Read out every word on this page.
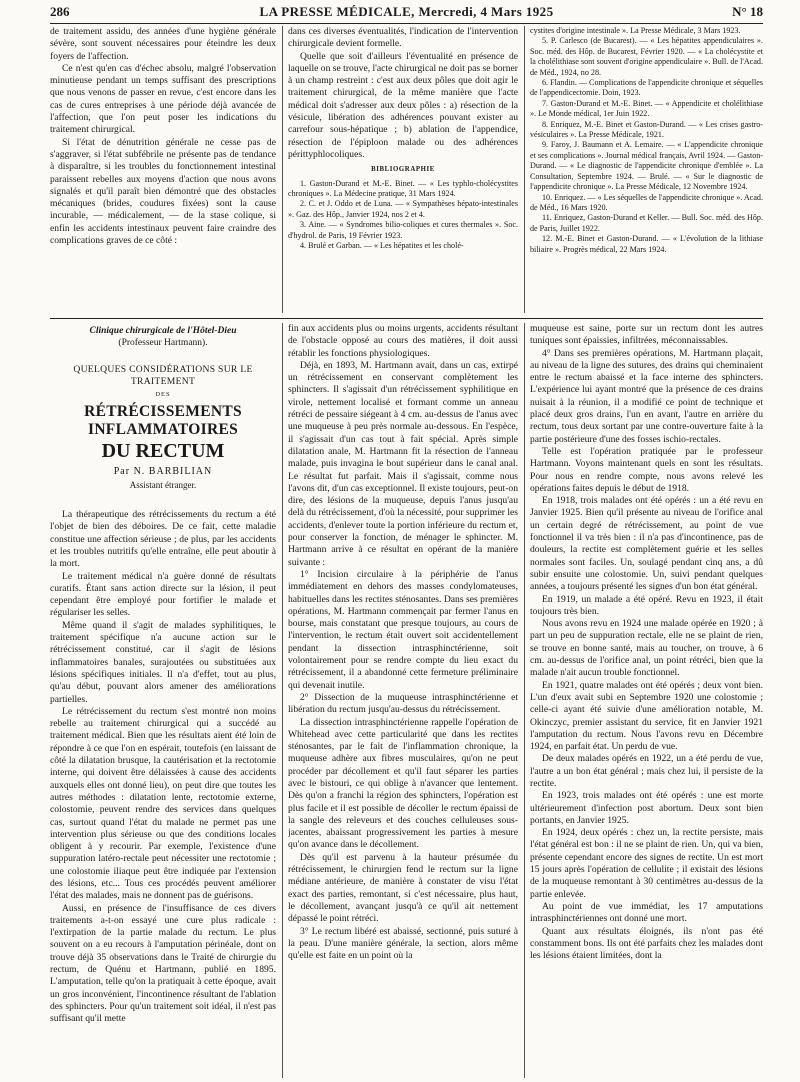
286	LA PRESSE MÉDICALE, Mercredi, 4 Mars 1925	N° 18

de traitement assidu, des années d'une hygiène générale sévère, sont souvent nécessaires pour éteindre les deux foyers de l'affection.

Ce n'est qu'en cas d'échec absolu, malgré l'observation minutieuse pendant un temps suffisant des prescriptions que nous venons de passer en revue, c'est encore dans les cas de cures entreprises à une période déjà avancée de l'affection, que l'on peut poser les indications du traitement chirurgical.

Si l'état de dénutrition générale ne cesse pas de s'aggraver, si l'état subfébrile ne présente pas de tendance à disparaître, si les troubles du fonctionnement intestinal paraissent rebelles aux moyens d'action que nous avons signalés et qu'il paraît bien démontré que des obstacles mécaniques (brides, coudures fixées) sont la cause incurable, — médicalement, — de la stase colique, si enfin les accidents intestinaux peuvent faire craindre des complications graves de ce côté :

dans ces diverses éventualités, l'indication de l'intervention chirurgicale devient formelle.

Quelle que soit d'ailleurs l'éventualité en présence de laquelle on se trouve, l'acte chirurgical ne doit pas se borner à un champ restreint : c'est aux deux pôles que doit agir le traitement chirurgical, de la même manière que l'acte médical doit s'adresser aux deux pôles : a) résection de la vésicule, libération des adhérences pouvant exister au carrefour sous-hépatique ; b) ablation de l'appendice, résection de l'épiploon malade ou des adhérences périttyphlocoliques.

BIBLIOGRAPHIE

1. Gaston-Durand et M.-E. Binet. — « Les typhlo-cholécystites chroniques ». La Médecine pratique, 31 Mars 1924.

2. C. et J. Oddo et de Luna. — « Sympathèses hépato-intestinales ». Gaz. des Hôp., Janvier 1924, nos 2 et 4.

3. Aine. — « Syndromes bilio-coliques et cures thermales ». Soc. d'hydrol. de Paris, 19 Février 1923.

4. Brulé et Garban. — « Les hépatites et les cholé-

cystites d'origine intestinale ». La Presse Médicale, 3 Mars 1923.

5. P. Carlesco (de Bucarest). — « Les hépatites appendiculaires ». Soc. méd. des Hôp. de Bucarest, Février 1920. — « La cholécystite et la cholélithiase sont souvent d'origine appendiculaire ». Bull. de l'Acad. de Méd., 1924, no 28.

6. Flandin. — Complications de l'appendicite chronique et séquelles de l'appendicectomie. Doin, 1923.

7. Gaston-Durand et M.-E. Binet. — « Appendicite et cholélithiase ». Le Monde médical, 1er Juin 1922.

8. Enriquez, M.-E. Binet et Gaston-Durand. — « Les crises gastro-vésiculaires ». La Presse Médicale, 1921.

9. Faroy, J. Baumann et A. Lemaire. — « L'appendicite chronique et ses complications ». Journal médical français, Avril 1924. — Gaston-Durand. — « Le diagnostic de l'appendicite chronique d'emblée ». La Consultation, Septembre 1924. — Brulé. — « Sur le diagnostic de l'appendicite chronique ». La Presse Médicale, 12 Novembre 1924.

10. Enriquez. — « Les séquelles de l'appendicite chronique ». Acad. de Méd., 16 Mars 1920.

11. Enriquez, Gaston-Durand et Keller. — Bull. Soc. méd. des Hôp. de Paris, Juillet 1922.

12. M.-E. Binet et Gaston-Durand. — « L'évolution de la lithiase biliaire ». Progrès médical, 22 Mars 1924.

Clinique chirurgicale de l'Hôtel-Dieu
(Professeur Hartmann).
QUELQUES CONSIDÉRATIONS SUR LE TRAITEMENT
DES
RÉTRÉCISSEMENTS INFLAMMATOIRES
DU RECTUM
Par N. BARBILIAN
Assistant étranger.

La thérapeutique des rétrécissements du rectum a été l'objet de bien des déboires. De ce fait, cette maladie constitue une affection sérieuse ; de plus, par les accidents et les troubles nutritifs qu'elle entraîne, elle peut aboutir à la mort.

Le traitement médical n'a guère donné de résultats curatifs. Étant sans action directe sur la lésion, il peut cependant être employé pour fortifier le malade et régulariser les selles.

Même quand il s'agit de malades syphilitiques, le traitement spécifique n'a aucune action sur le rétrécissement constitué, car il s'agit de lésions inflammatoires banales, surajoutées ou substituées aux lésions spécifiques initiales. Il n'a d'effet, tout au plus, qu'au début, pouvant alors amener des améliorations partielles.

Le rétrécissement du rectum s'est montré non moins rebelle au traitement chirurgical qui a succédé au traitement médical. Bien que les résultats aient été loin de répondre à ce que l'on en espérait, toutefois (en laissant de côté la dilatation brusque, la cautérisation et la rectotomie interne, qui doivent être délaissées à cause des accidents auxquels elles ont donné lieu), on peut dire que toutes les autres méthodes : dilatation lente, rectotomie externe, colostomie, peuvent rendre des services dans quelques cas, surtout quand l'état du malade ne permet pas une intervention plus sérieuse ou que des conditions locales obligent à y recourir. Par exemple, l'existence d'une suppuration latéro-rectale peut nécessiter une rectotomie ; une colostomie iliaque peut être indiquée par l'extension des lésions, etc... Tous ces procédés peuvent améliorer l'état des malades, mais ne donnent pas de guérisons.

Aussi, en présence de l'insuffisance de ces divers traitements a-t-on essayé une cure plus radicale : l'extirpation de la partie malade du rectum. Le plus souvent on a eu recours à l'amputation périnéale, dont on trouve déjà 35 observations dans le Traité de chirurgie du rectum, de Quénu et Hartmann, publié en 1895. L'amputation, telle qu'on la pratiquait à cette époque, avait un gros inconvénient, l'incontinence résultant de l'ablation des sphincters. Pour qu'un traitement soit idéal, il n'est pas suffisant qu'il mette

fin aux accidents plus ou moins urgents, accidents résultant de l'obstacle opposé au cours des matières, il doit aussi rétablir les fonctions physiologiques.

Déjà, en 1893, M. Hartmann avait, dans un cas, extirpé un rétrécissement en conservant complètement les sphincters. Il s'agissait d'un rétrécissement syphilitique en virole, nettement localisé et formant comme un anneau rétréci de pessaire siégeant à 4 cm. au-dessus de l'anus avec une muqueuse à peu près normale au-dessous. En l'espèce, il s'agissait d'un cas tout à fait spécial. Après simple dilatation anale, M. Hartmann fit la résection de l'anneau malade, puis invagina le bout supérieur dans le canal anal. Le résultat fut parfait. Mais il s'agissait, comme nous l'avons dit, d'un cas exceptionnel. Il existe toujours, peut-on dire, des lésions de la muqueuse, depuis l'anus jusqu'au delà du rétrécissement, d'où la nécessité, pour supprimer les accidents, d'enlever toute la portion inférieure du rectum et, pour conserver la fonction, de ménager le sphincter. M. Hartmann arrive à ce résultat en opérant de la manière suivante :

1° Incision circulaire à la périphérie de l'anus immédiatement en dehors des masses condylomateuses, habituelles dans les rectites sténosantes. Dans ses premières opérations, M. Hartmann commençait par fermer l'anus en bourse, mais constatant que presque toujours, au cours de l'intervention, le rectum était ouvert soit accidentellement pendant la dissection intrasphinctérienne, soit volontairement pour se rendre compte du lieu exact du rétrécissement, il a abandonné cette fermeture préliminaire qui devenait inutile.

2° Dissection de la muqueuse intrasphinctérienne et libération du rectum jusqu'au-dessus du rétrécissement.

La dissection intrasphinctérienne rappelle l'opération de Whitehead avec cette particularité que dans les rectites sténosantes, par le fait de l'inflammation chronique, la muqueuse adhère aux fibres musculaires, qu'on ne peut procéder par décollement et qu'il faut séparer les parties avec le bistouri, ce qui oblige à n'avancer que lentement. Dès qu'on a franchi la région des sphincters, l'opération est plus facile et il est possible de décoller le rectum épaissi de la sangle des releveurs et des couches celluleuses sous-jacentes, abaissant progressivement les parties à mesure qu'on avance dans le décollement.

Dès qu'il est parvenu à la hauteur présumée du rétrécissement, le chirurgien fend le rectum sur la ligne médiane antérieure, de manière à constater de visu l'état exact des parties, remontant, si c'est nécessaire, plus haut, le décollement, avançant jusqu'à ce qu'il ait nettement dépassé le point rétréci.

3° Le rectum libéré est abaissé, sectionné, puis suturé à la peau. D'une manière générale, la section, alors même qu'elle est faite en un point où la

muqueuse est saine, porte sur un rectum dont les autres tuniques sont épaissies, infiltrées, méconnaissables.

4° Dans ses premières opérations, M. Hartmann plaçait, au niveau de la ligne des sutures, des drains qui cheminaient entre le rectum abaissé et la face interne des sphincters. L'expérience lui ayant montré que la présence de ces drains nuisait à la réunion, il a modifié ce point de technique et placé deux gros drains, l'un en avant, l'autre en arrière du rectum, tous deux sortant par une contre-ouverture faite à la partie postérieure d'une des fosses ischio-rectales.

Telle est l'opération pratiquée par le professeur Hartmann. Voyons maintenant quels en sont les résultats. Pour nous en rendre compte, nous avons relevé les opérations faites depuis le début de 1918.

En 1918, trois malades ont été opérés : un a été revu en Janvier 1925. Bien qu'il présente au niveau de l'orifice anal un certain degré de rétrécissement, au point de vue fonctionnel il va très bien : il n'a pas d'incontinence, pas de douleurs, la rectite est complètement guérie et les selles normales sont faciles. Un, soulagé pendant cinq ans, a dû subir ensuite une colostomie. Un, suivi pendant quelques années, a toujours présenté les signes d'un bon état général.

En 1919, un malade a été opéré. Revu en 1923, il était toujours très bien.

Nous avons revu en 1924 une malade opérée en 1920 ; à part un peu de suppuration rectale, elle ne se plaint de rien, se trouve en bonne santé, mais au toucher, on trouve, à 6 cm. au-dessus de l'orifice anal, un point rétréci, bien que la malade n'ait aucun trouble fonctionnel.

En 1921, quatre malades ont été opérés ; deux vont bien. L'un d'eux avait subi en Septembre 1920 une colostomie ; celle-ci ayant été suivie d'une amélioration notable, M. Okinczyc, premier assistant du service, fit en Janvier 1921 l'amputation du rectum. Nous l'avons revu en Décembre 1924, en parfait état. Un perdu de vue.

De deux malades opérés en 1922, un a été perdu de vue, l'autre a un bon état général ; mais chez lui, il persiste de la rectite.

En 1923, trois malades ont été opérés : une est morte ultérieurement d'infection post abortum. Deux sont bien portants, en Janvier 1925.

En 1924, deux opérés : chez un, la rectite persiste, mais l'état général est bon : il ne se plaint de rien. Un, qui va bien, présente cependant encore des signes de rectite. Un est mort 15 jours après l'opération de cellulite ; il existait des lésions de la muqueuse remontant à 30 centimètres au-dessus de la partie enlevée.

Au point de vue immédiat, les 17 amputations intrasphinctériennes ont donné une mort.

Quant aux résultats éloignés, ils n'ont pas été constamment bons. Ils ont été parfaits chez les malades dont les lésions étaient limitées, dont la
